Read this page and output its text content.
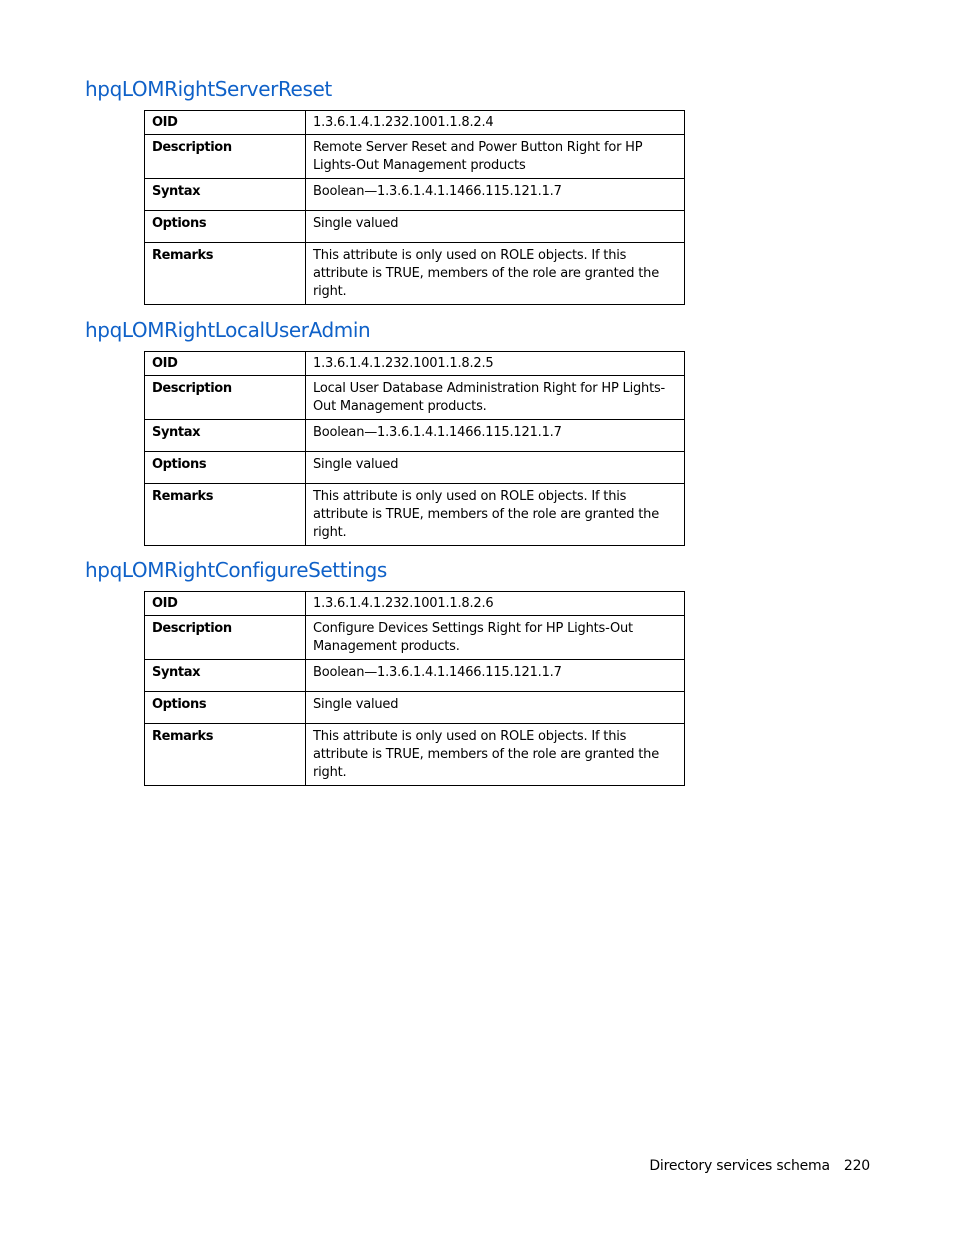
hpqLOMRightServerReset
OID	1.3.6.1.4.1.232.1001.1.8.2.4
Description	Remote Server Reset and Power Button Right for HP Lights-Out Management products
Syntax	Boolean—1.3.6.1.4.1.1466.115.121.1.7
Options	Single valued
Remarks	This attribute is only used on ROLE objects. If this attribute is TRUE, members of the role are granted the right.
hpqLOMRightLocalUserAdmin
OID	1.3.6.1.4.1.232.1001.1.8.2.5
Description	Local User Database Administration Right for HP Lights-Out Management products.
Syntax	Boolean—1.3.6.1.4.1.1466.115.121.1.7
Options	Single valued
Remarks	This attribute is only used on ROLE objects. If this attribute is TRUE, members of the role are granted the right.
hpqLOMRightConfigureSettings
OID	1.3.6.1.4.1.232.1001.1.8.2.6
Description	Configure Devices Settings Right for HP Lights-Out Management products.
Syntax	Boolean—1.3.6.1.4.1.1466.115.121.1.7
Options	Single valued
Remarks	This attribute is only used on ROLE objects. If this attribute is TRUE, members of the role are granted the right.
Directory services schema 220
